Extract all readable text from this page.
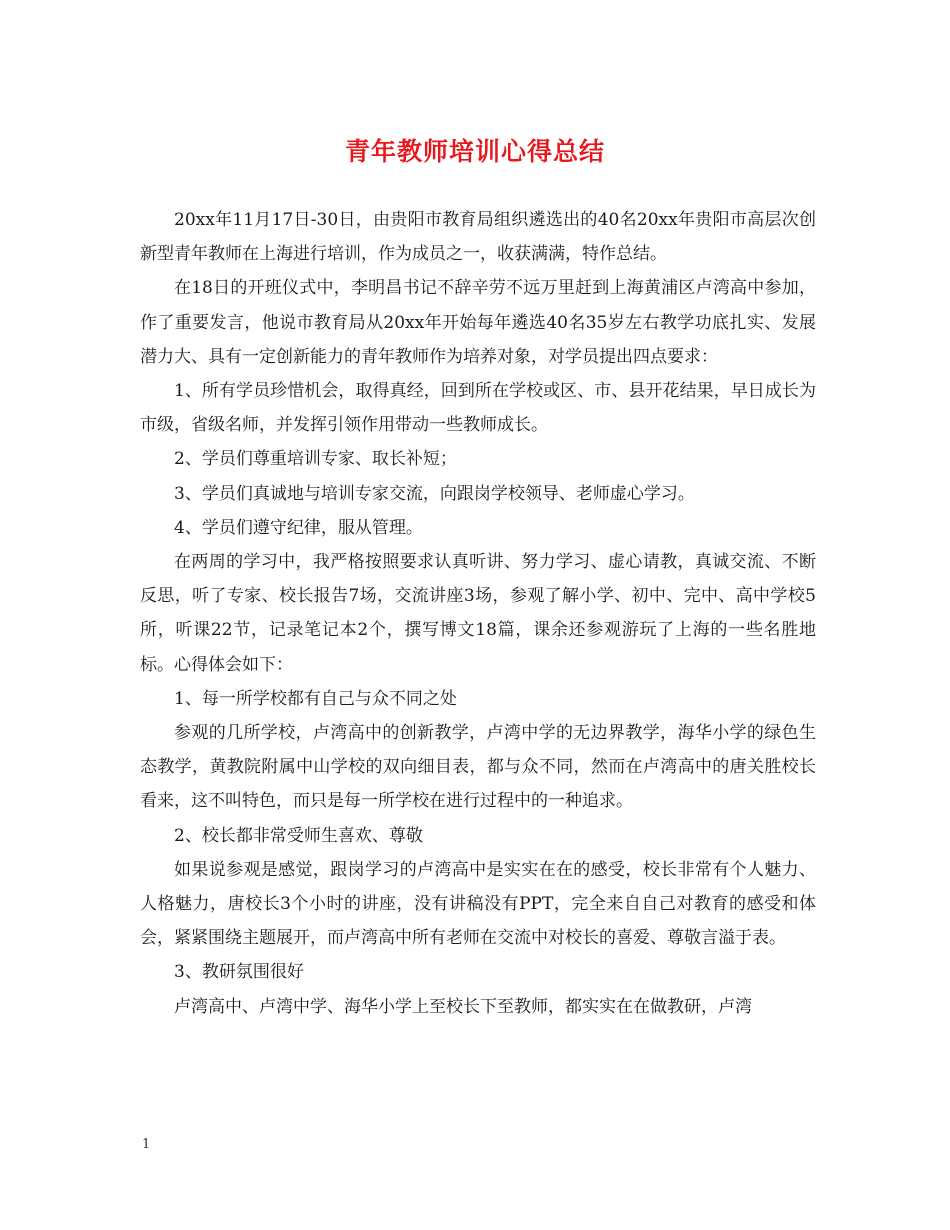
青年教师培训心得总结

20xx年11月17日-30日，由贵阳市教育局组织遴选出的40名20xx年贵阳市高层次创新型青年教师在上海进行培训，作为成员之一，收获满满，特作总结。

在18日的开班仪式中，李明昌书记不辞辛劳不远万里赶到上海黄浦区卢湾高中参加，作了重要发言，他说市教育局从20xx年开始每年遴选40名35岁左右教学功底扎实、发展潜力大、具有一定创新能力的青年教师作为培养对象，对学员提出四点要求：

1、所有学员珍惜机会，取得真经，回到所在学校或区、市、县开花结果，早日成长为市级，省级名师，并发挥引领作用带动一些教师成长。

2、学员们尊重培训专家、取长补短；

3、学员们真诚地与培训专家交流，向跟岗学校领导、老师虚心学习。

4、学员们遵守纪律，服从管理。

在两周的学习中，我严格按照要求认真听讲、努力学习、虚心请教，真诚交流、不断反思，听了专家、校长报告7场，交流讲座3场，参观了解小学、初中、完中、高中学校5所，听课22节，记录笔记本2个，撰写博文18篇，课余还参观游玩了上海的一些名胜地标。心得体会如下：

1、每一所学校都有自己与众不同之处

参观的几所学校，卢湾高中的创新教学，卢湾中学的无边界教学，海华小学的绿色生态教学，黄教院附属中山学校的双向细目表，都与众不同，然而在卢湾高中的唐关胜校长看来，这不叫特色，而只是每一所学校在进行过程中的一种追求。

2、校长都非常受师生喜欢、尊敬

如果说参观是感觉，跟岗学习的卢湾高中是实实在在的感受，校长非常有个人魅力、人格魅力，唐校长3个小时的讲座，没有讲稿没有PPT，完全来自自己对教育的感受和体会，紧紧围绕主题展开，而卢湾高中所有老师在交流中对校长的喜爱、尊敬言溢于表。

3、教研氛围很好

卢湾高中、卢湾中学、海华小学上至校长下至教师，都实实在在做教研，卢湾

1
